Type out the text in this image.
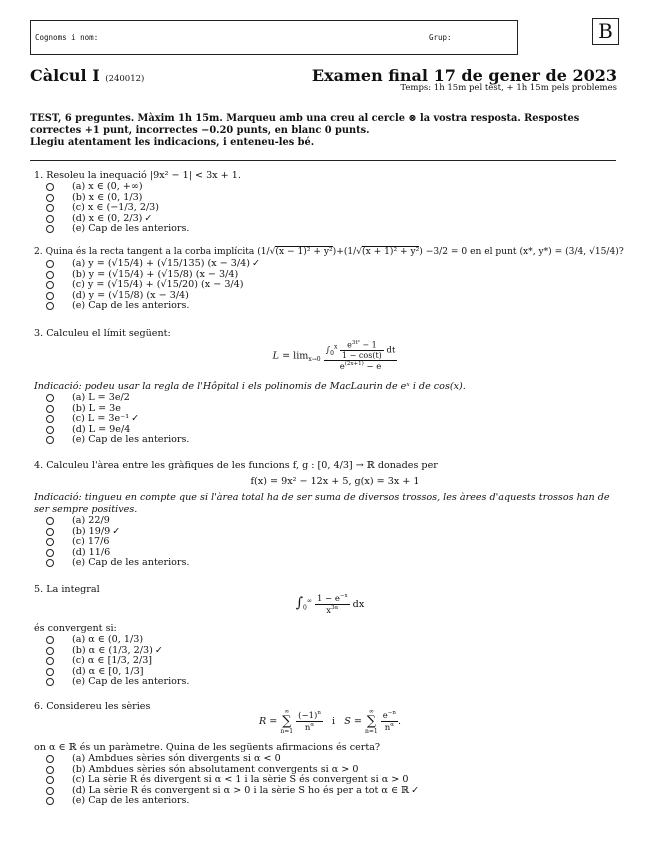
Cognoms i nom:	Grup:	B
Càlcul I (240012)	Examen final 17 de gener de 2023
Temps: 1h 15m pel test, + 1h 15m pels problemes
TEST, 6 preguntes. Màxim 1h 15m. Marqueu amb una creu al cercle ⊗ la vostra resposta. Respostes correctes +1 punt, incorrectes −0.20 punts, en blanc 0 punts.
Llegiu atentament les indicacions, i enteneu-les bé.
1. Resoleu la inequació |9x² − 1| < 3x + 1.
(a) x ∈ (0, +∞)
(b) x ∈ (0, 1/3)
(c) x ∈ (−1/3, 2/3)
(d) x ∈ (0, 2/3) ✓
(e) Cap de les anteriors.
2. Quina és la recta tangent a la corba implícita (1/√(x − 1)² + y²)+(1/√(x + 1)² + y²) −3/2 = 0 en el punt (x*, y*) = (3/4, √15/4)?
(a) y = (√15/4) + (√15/135) (x − 3/4) ✓
(b) y = (√15/4) + (√15/8) (x − 3/4)
(c) y = (√15/4) + (√15/20) (x − 3/4)
(d) y = (√15/8) (x − 3/4)
(e) Cap de les anteriors.
3. Calculeu el límit següent:
$L = \lim_{x\to 0} \frac{\int_0^x \frac{e^{3t^2} - 1}{1 - \cos(t)} dt}{e^{(2x+1)} - e}$
Indicació: podeu usar la regla de l'Hôpital i els polinomis de MacLaurin de eˣ i de cos(x).
(a) L = 3e/2
(b) L = 3e
(c) L = 3e⁻¹ ✓
(d) L = 9e/4
(e) Cap de les anteriors.
4. Calculeu l'àrea entre les gràfiques de les funcions f, g : [0, 4/3] → ℝ donades per
f(x) = 9x² − 12x + 5, g(x) = 3x + 1
Indicació: tingueu en compte que si l'àrea total ha de ser suma de diversos trossos, les àrees d'aquests trossos han de ser sempre positives.
(a) 22/9
(b) 19/9 ✓
(c) 17/6
(d) 11/6
(e) Cap de les anteriors.
5. La integral
$\int_0^\infty \frac{1 - e^{-x}}{x^{3\alpha}}$ dx
és convergent si:
(a) α ∈ (0, 1/3)
(b) α ∈ (1/3, 2/3) ✓
(c) α ∈ [1/3, 2/3]
(d) α ∈ [0, 1/3]
(e) Cap de les anteriors.
6. Considereu les sèries
R = ∞
∑
$n=1 \frac{(-1)^n}{n^\alpha}$ i   S = ∞
∑
$n=1 \frac{e^{-n}}{n^\alpha}$ .
on α ∈ ℝ és un paràmetre. Quina de les següents afirmacions és certa?
(a) Ambdues sèries són divergents si α < 0
(b) Ambdues sèries són absolutament convergents si α > 0
(c) La sèrie R és divergent si α < 1 i la sèrie S és convergent si α > 0
(d) La sèrie R és convergent si α > 0 i la sèrie S ho és per a tot α ∈ ℝ ✓
(e) Cap de les anteriors.
